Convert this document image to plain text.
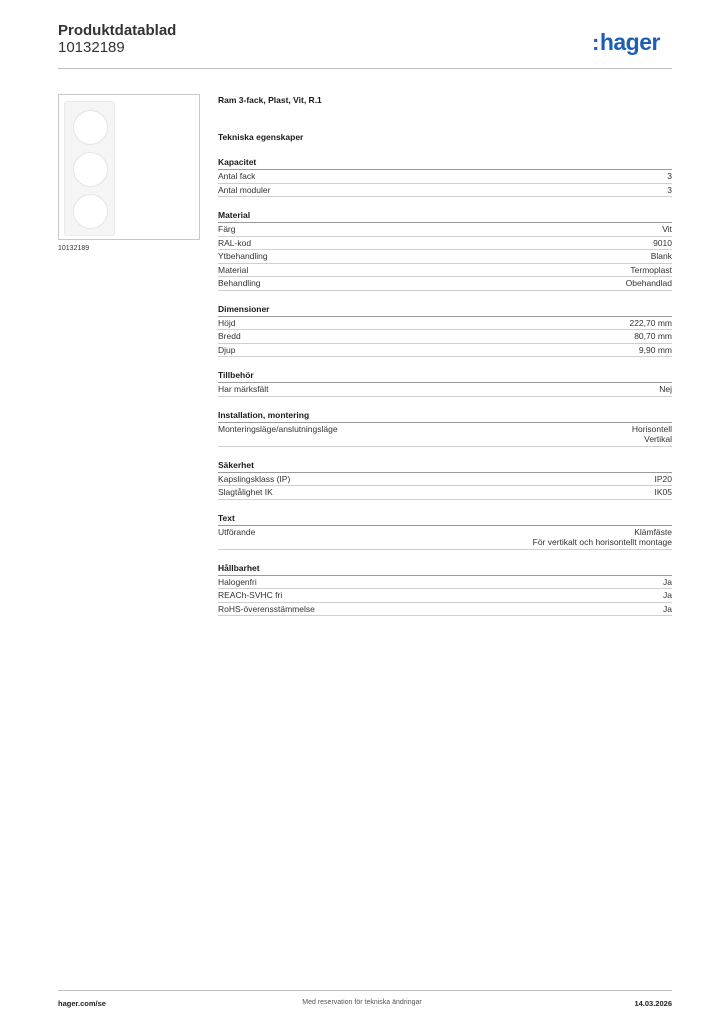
Produktdatablad
10132189	:hager
10132189

Ram 3-fack, Plast, Vit, R.1

Tekniska egenskaper

Kapacitet
Antal fack	3
Antal moduler	3
Material
Färg	Vit
RAL-kod	9010
Ytbehandling	Blank
Material	Termoplast
Behandling	Obehandlad
Dimensioner
Höjd	222,70 mm
Bredd	80,70 mm
Djup	9,90 mm
Tillbehör
Har märksfält	Nej
Installation, montering
Monteringsläge/anslutningsläge	Horisontell
Vertikal
Säkerhet
Kapslingsklass (IP)	IP20
Slagtålighet IK	IK05
Text
Utförande	Klämfäste
För vertikalt och horisontellt montage
Hållbarhet
Halogenfri	Ja
REACh-SVHC fri	Ja
RoHS-överensstämmelse	Ja
Med reservation för tekniska ändringar
hager.com/se	14.03.2026
